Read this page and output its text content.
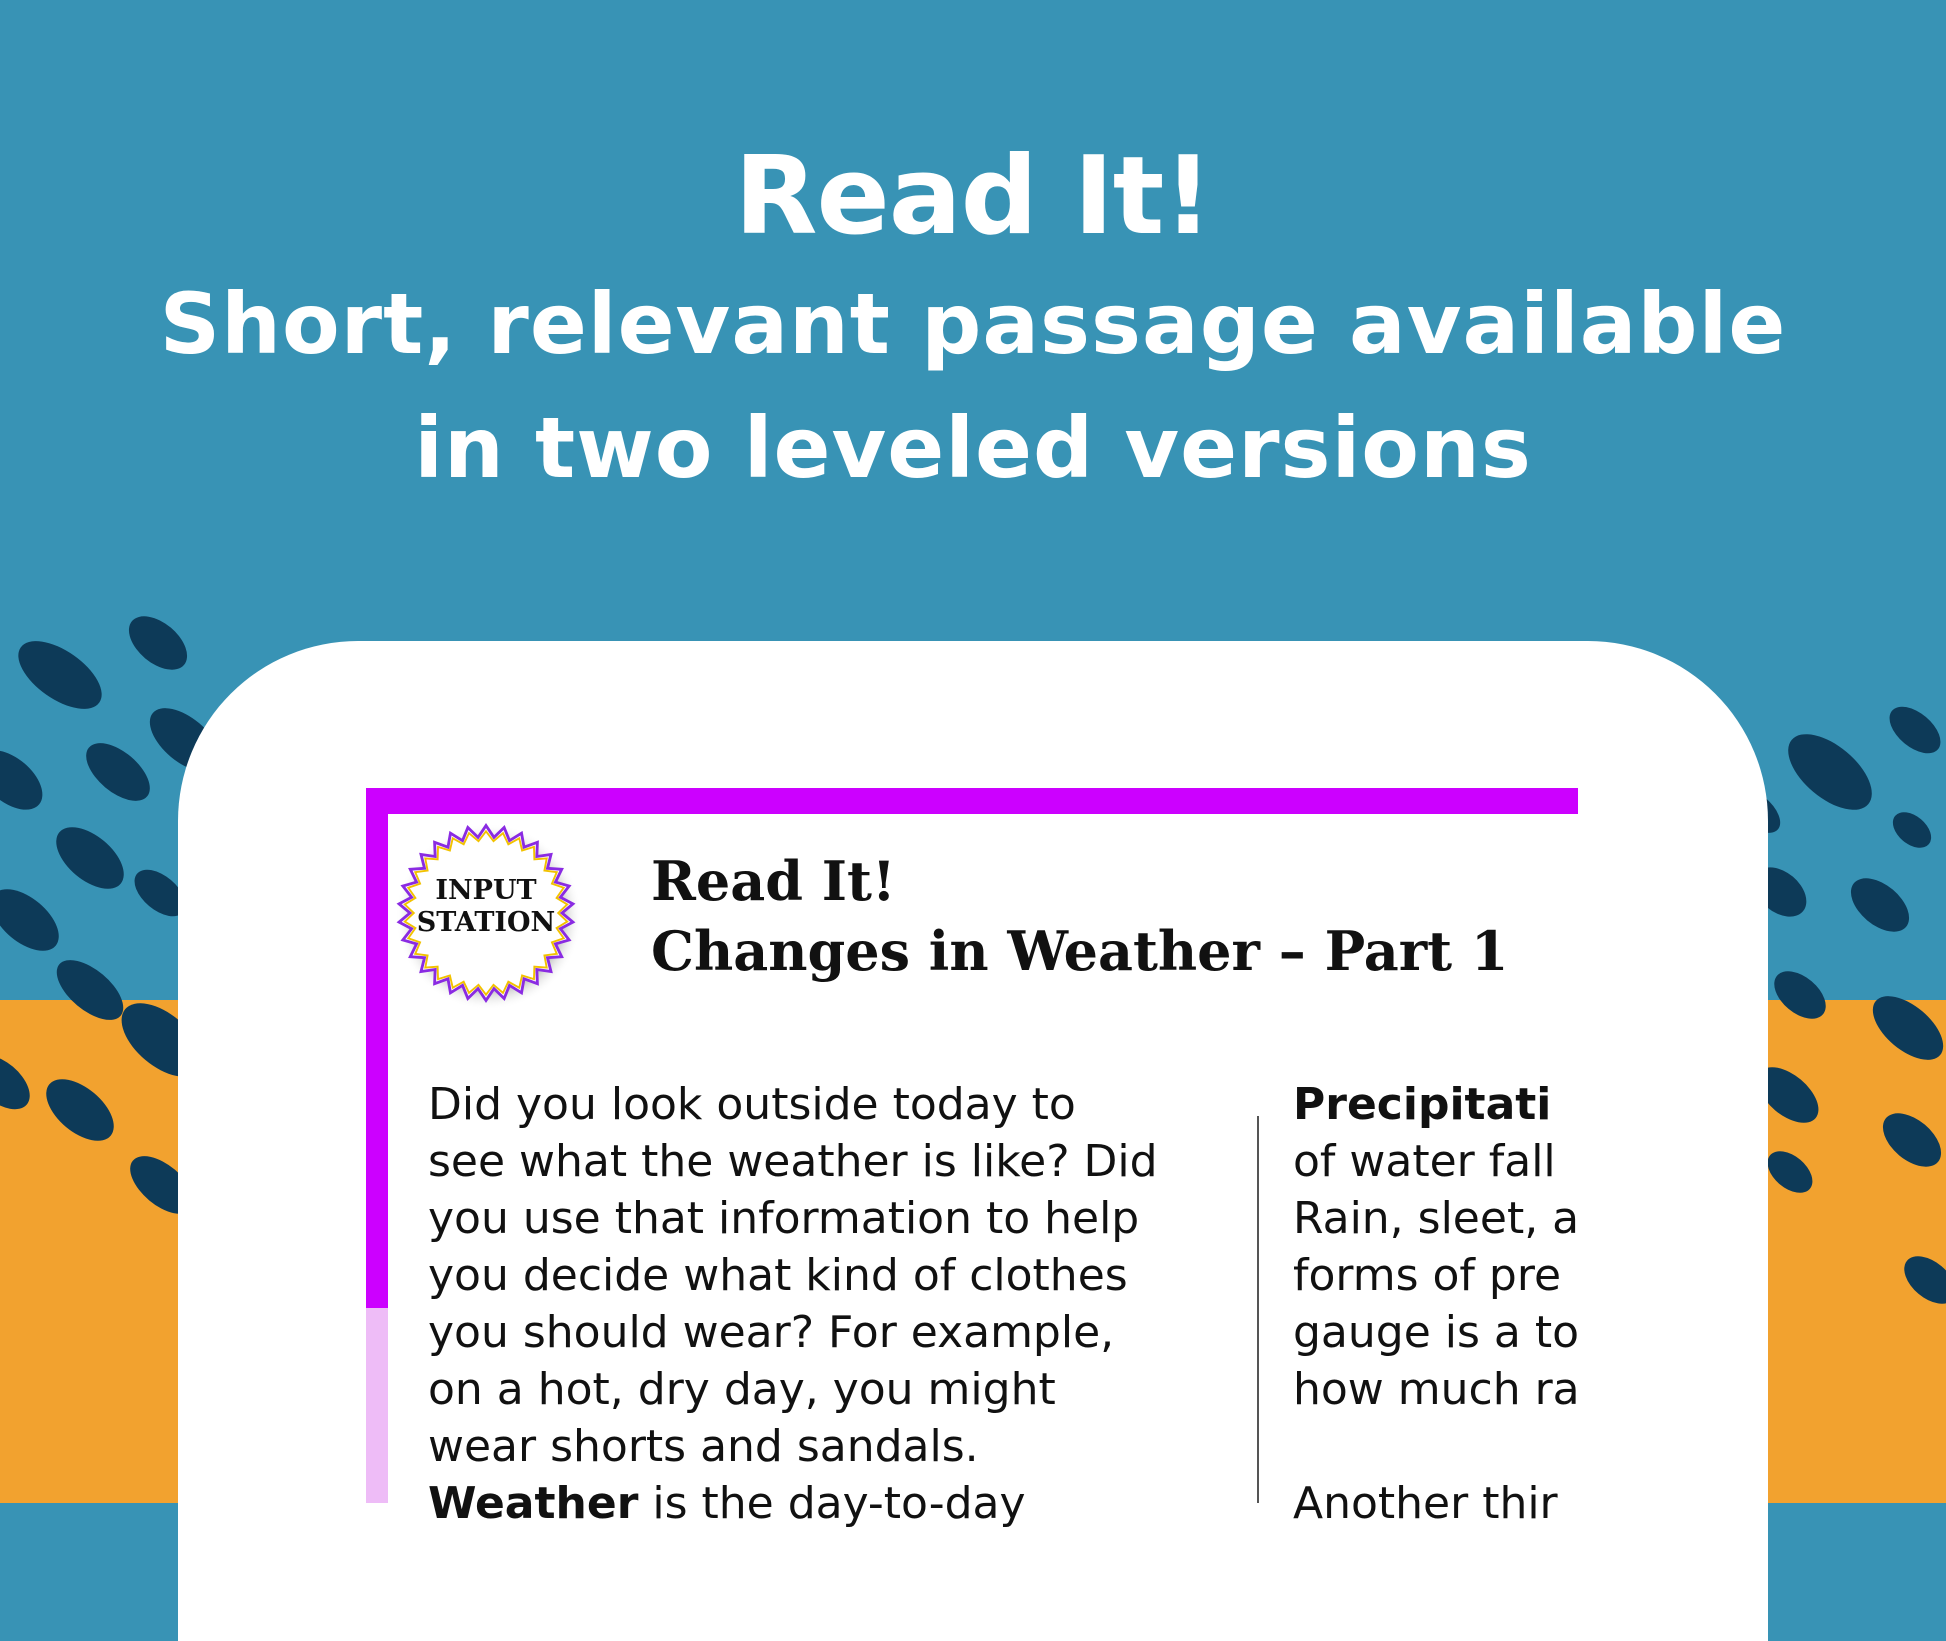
Read It!
Short, relevant passage available
in two leveled versions
INPUT
STATION
Read It!
Changes in Weather – Part 1
Did you look outside today to
see what the weather is like? Did
you use that information to help
you decide what kind of clothes
you should wear? For example,
on a hot, dry day, you might
wear shorts and sandals.
Weather is the day-to-day
Precipitati
of water fall
Rain, sleet, a
forms of pre
gauge is a to
how much ra
Another thir
